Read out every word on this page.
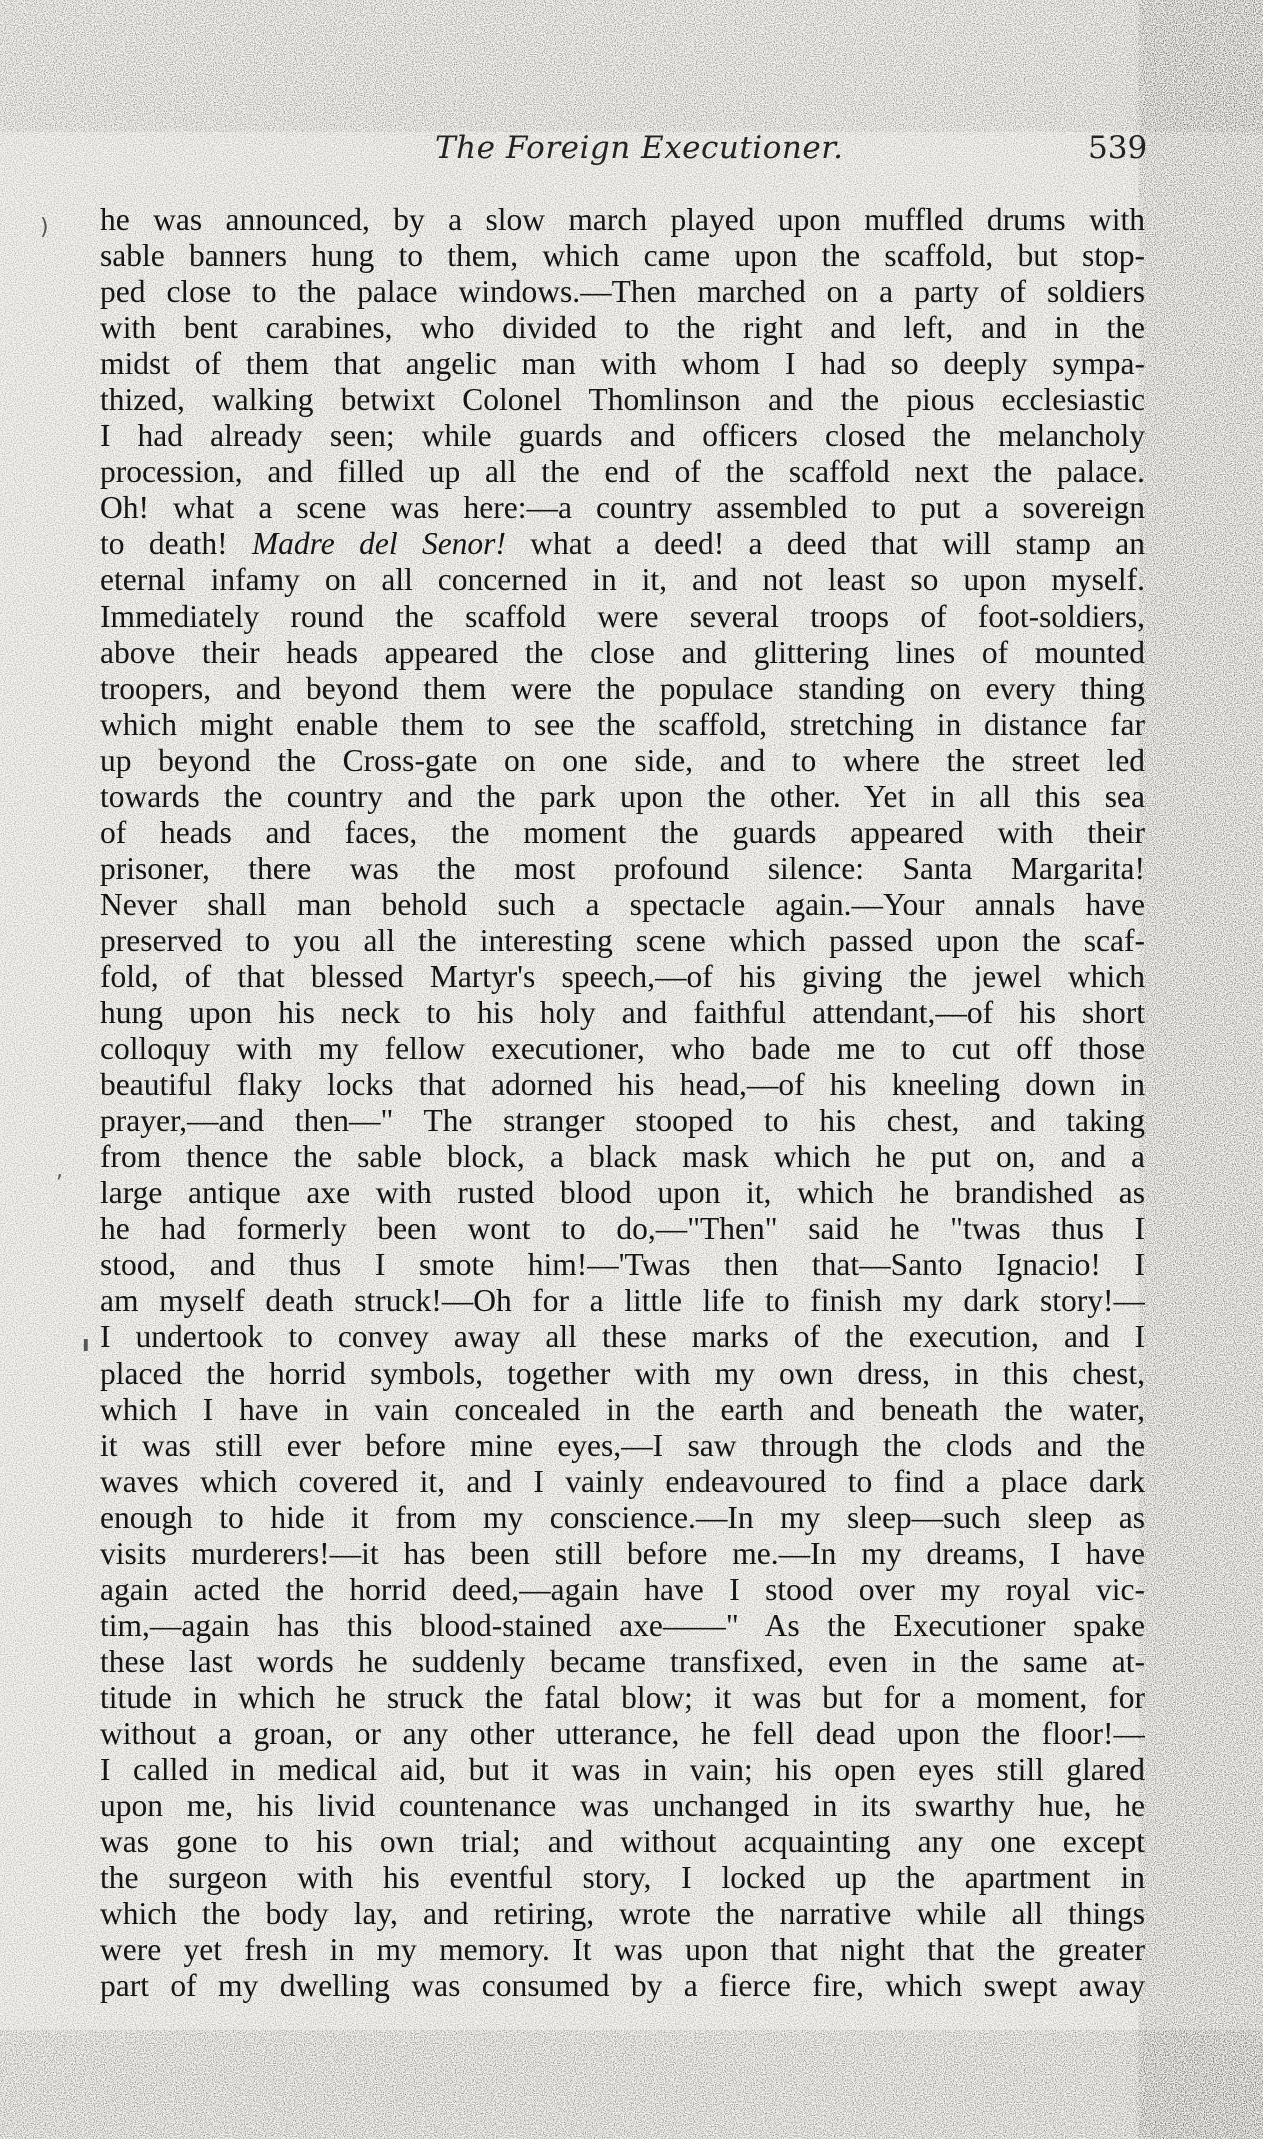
The Foreign Executioner.	539
he was announced, by a slow march played upon muffled drums with
sable banners hung to them, which came upon the scaffold, but stop-
ped close to the palace windows.—Then marched on a party of soldiers
with bent carabines, who divided to the right and left, and in the
midst of them that angelic man with whom I had so deeply sympa-
thized, walking betwixt Colonel Thomlinson and the pious ecclesiastic
I had already seen; while guards and officers closed the melancholy
procession, and filled up all the end of the scaffold next the palace.
Oh! what a scene was here:—a country assembled to put a sovereign
to death! Madre del Senor! what a deed! a deed that will stamp an
eternal infamy on all concerned in it, and not least so upon myself.
Immediately round the scaffold were several troops of foot-soldiers,
above their heads appeared the close and glittering lines of mounted
troopers, and beyond them were the populace standing on every thing
which might enable them to see the scaffold, stretching in distance far
up beyond the Cross-gate on one side, and to where the street led
towards the country and the park upon the other. Yet in all this sea
of heads and faces, the moment the guards appeared with their
prisoner, there was the most profound silence: Santa Margarita!
Never shall man behold such a spectacle again.—Your annals have
preserved to you all the interesting scene which passed upon the scaf-
fold, of that blessed Martyr's speech,—of his giving the jewel which
hung upon his neck to his holy and faithful attendant,—of his short
colloquy with my fellow executioner, who bade me to cut off those
beautiful flaky locks that adorned his head,—of his kneeling down in
prayer,—and then—" The stranger stooped to his chest, and taking
from thence the sable block, a black mask which he put on, and a
large antique axe with rusted blood upon it, which he brandished as
he had formerly been wont to do,—"Then" said he "twas thus I
stood, and thus I smote him!—'Twas then that—Santo Ignacio! I
am myself death struck!—Oh for a little life to finish my dark story!—
I undertook to convey away all these marks of the execution, and I
placed the horrid symbols, together with my own dress, in this chest,
which I have in vain concealed in the earth and beneath the water,
it was still ever before mine eyes,—I saw through the clods and the
waves which covered it, and I vainly endeavoured to find a place dark
enough to hide it from my conscience.—In my sleep—such sleep as
visits murderers!—it has been still before me.—In my dreams, I have
again acted the horrid deed,—again have I stood over my royal vic-
tim,—again has this blood-stained axe——" As the Executioner spake
these last words he suddenly became transfixed, even in the same at-
titude in which he struck the fatal blow; it was but for a moment, for
without a groan, or any other utterance, he fell dead upon the floor!—
I called in medical aid, but it was in vain; his open eyes still glared
upon me, his livid countenance was unchanged in its swarthy hue, he
was gone to his own trial; and without acquainting any one except
the surgeon with his eventful story, I locked up the apartment in
which the body lay, and retiring, wrote the narrative while all things
were yet fresh in my memory. It was upon that night that the greater
part of my dwelling was consumed by a fierce fire, which swept away
)
ı
,
